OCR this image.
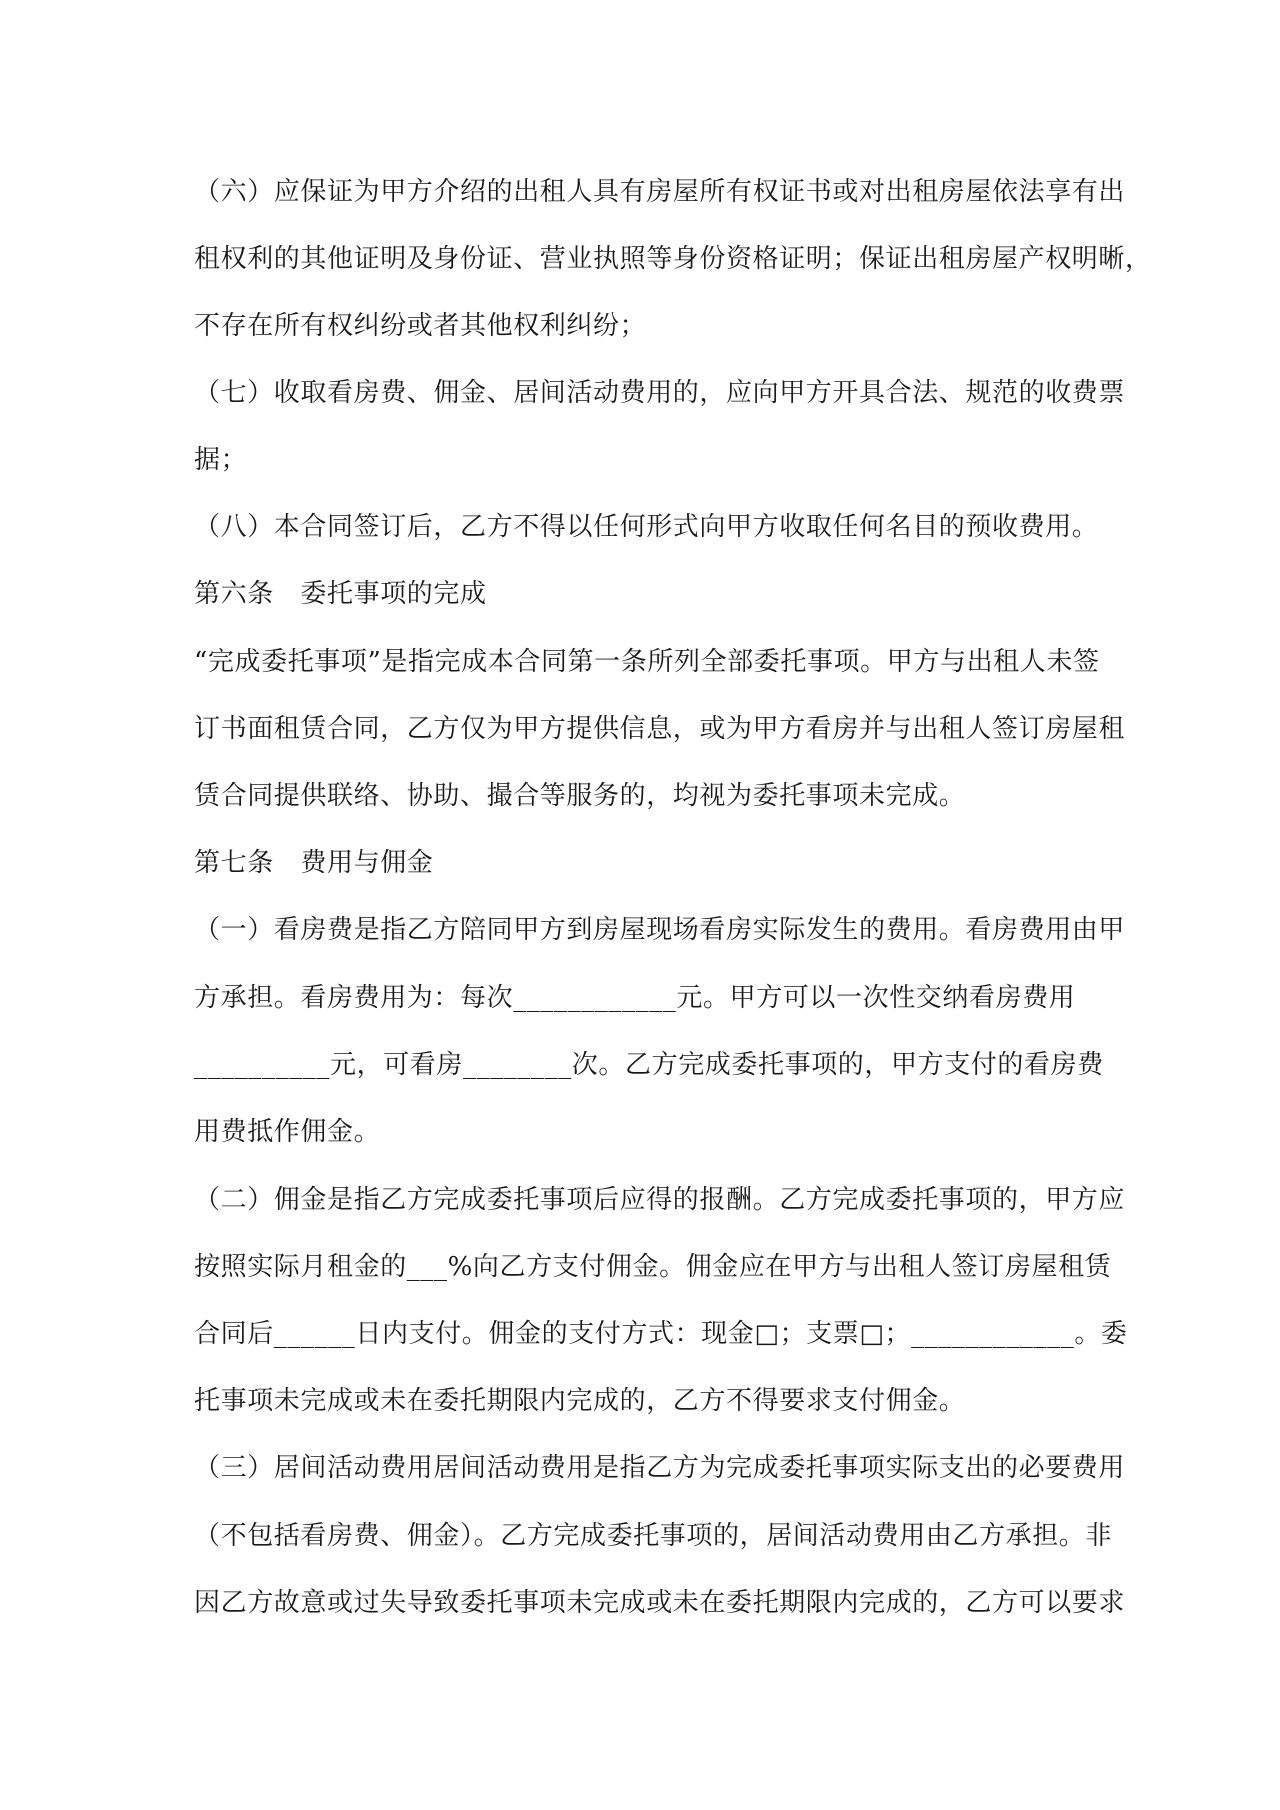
（六）应保证为甲方介绍的出租人具有房屋所有权证书或对出租房屋依法享有出
租权利的其他证明及身份证、营业执照等身份资格证明；保证出租房屋产权明晰，
不存在所有权纠纷或者其他权利纠纷；
（七）收取看房费、佣金、居间活动费用的，应向甲方开具合法、规范的收费票
据；
（八）本合同签订后，乙方不得以任何形式向甲方收取任何名目的预收费用。
第六条　委托事项的完成
“完成委托事项”是指完成本合同第一条所列全部委托事项。甲方与出租人未签
订书面租赁合同，乙方仅为甲方提供信息，或为甲方看房并与出租人签订房屋租
赁合同提供联络、协助、撮合等服务的，均视为委托事项未完成。
第七条　费用与佣金
（一）看房费是指乙方陪同甲方到房屋现场看房实际发生的费用。看房费用由甲
方承担。看房费用为：每次____________元。甲方可以一次性交纳看房费用
__________元，可看房________次。乙方完成委托事项的，甲方支付的看房费
用费抵作佣金。
（二）佣金是指乙方完成委托事项后应得的报酬。乙方完成委托事项的，甲方应
按照实际月租金的___%向乙方支付佣金。佣金应在甲方与出租人签订房屋租赁
合同后______日内支付。佣金的支付方式：现金□；支票□；____________。委
托事项未完成或未在委托期限内完成的，乙方不得要求支付佣金。
（三）居间活动费用居间活动费用是指乙方为完成委托事项实际支出的必要费用
（不包括看房费、佣金）。乙方完成委托事项的，居间活动费用由乙方承担。非
因乙方故意或过失导致委托事项未完成或未在委托期限内完成的，乙方可以要求
